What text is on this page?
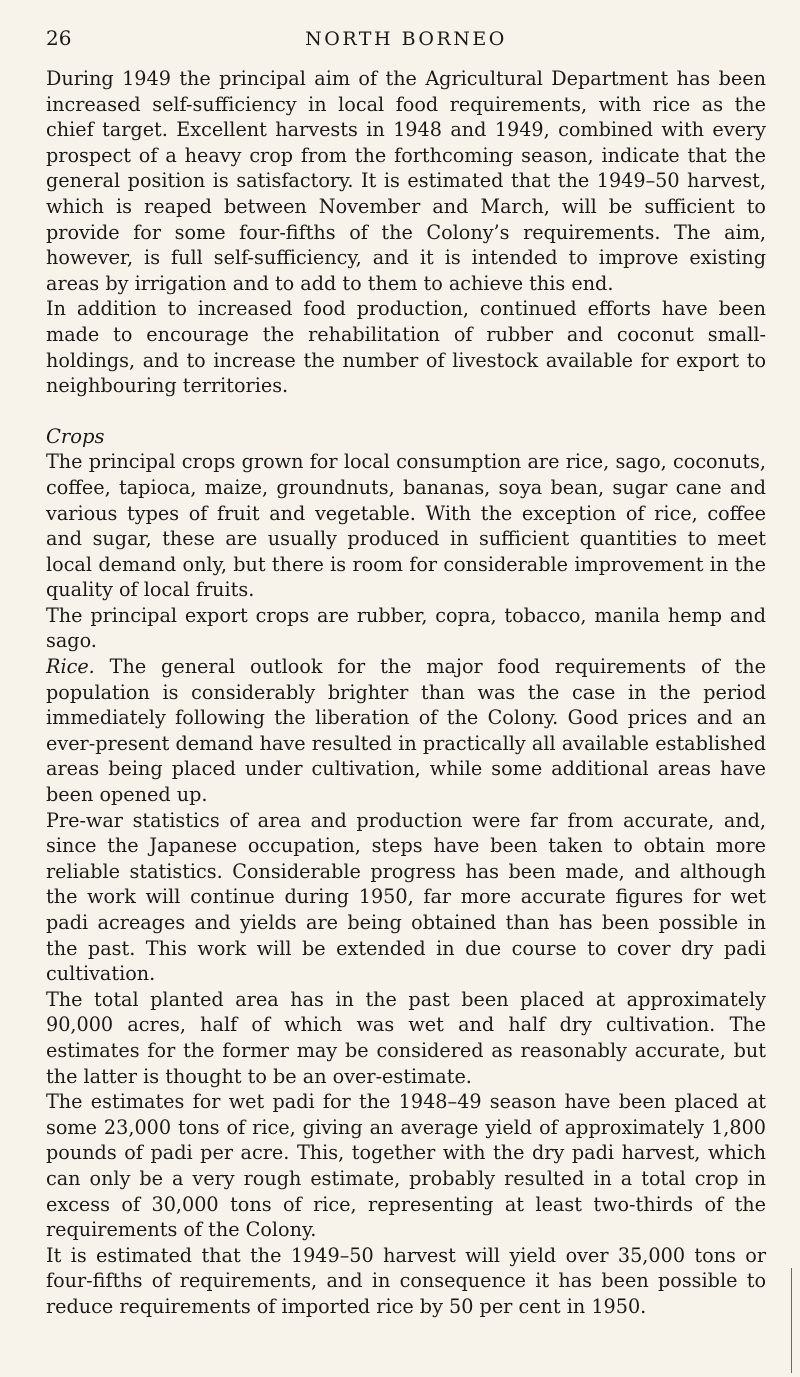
26	NORTH BORNEO

During 1949 the principal aim of the Agricultural Department has been increased self-sufficiency in local food requirements, with rice as the chief target. Excellent harvests in 1948 and 1949, combined with every prospect of a heavy crop from the forthcoming season, indicate that the general position is satisfactory. It is estimated that the 1949–50 harvest, which is reaped between November and March, will be sufficient to provide for some four-fifths of the Colony’s requirements. The aim, however, is full self-sufficiency, and it is intended to improve existing areas by irrigation and to add to them to achieve this end.

In addition to increased food production, continued efforts have been made to encourage the rehabilitation of rubber and coconut small-holdings, and to increase the number of livestock available for export to neighbouring territories.

Crops

The principal crops grown for local consumption are rice, sago, coconuts, coffee, tapioca, maize, groundnuts, bananas, soya bean, sugar cane and various types of fruit and vegetable. With the exception of rice, coffee and sugar, these are usually produced in sufficient quantities to meet local demand only, but there is room for considerable improvement in the quality of local fruits.

The principal export crops are rubber, copra, tobacco, manila hemp and sago.

Rice. The general outlook for the major food requirements of the population is considerably brighter than was the case in the period immediately following the liberation of the Colony. Good prices and an ever-present demand have resulted in practically all available established areas being placed under cultivation, while some additional areas have been opened up.

Pre-war statistics of area and production were far from accurate, and, since the Japanese occupation, steps have been taken to obtain more reliable statistics. Considerable progress has been made, and although the work will continue during 1950, far more accurate figures for wet padi acreages and yields are being obtained than has been possible in the past. This work will be extended in due course to cover dry padi cultivation.

The total planted area has in the past been placed at approximately 90,000 acres, half of which was wet and half dry cultivation. The estimates for the former may be considered as reasonably accurate, but the latter is thought to be an over-estimate.

The estimates for wet padi for the 1948–49 season have been placed at some 23,000 tons of rice, giving an average yield of approximately 1,800 pounds of padi per acre. This, together with the dry padi harvest, which can only be a very rough estimate, probably resulted in a total crop in excess of 30,000 tons of rice, representing at least two-thirds of the requirements of the Colony.

It is estimated that the 1949–50 harvest will yield over 35,000 tons or four-fifths of requirements, and in consequence it has been possible to reduce requirements of imported rice by 50 per cent in 1950.
